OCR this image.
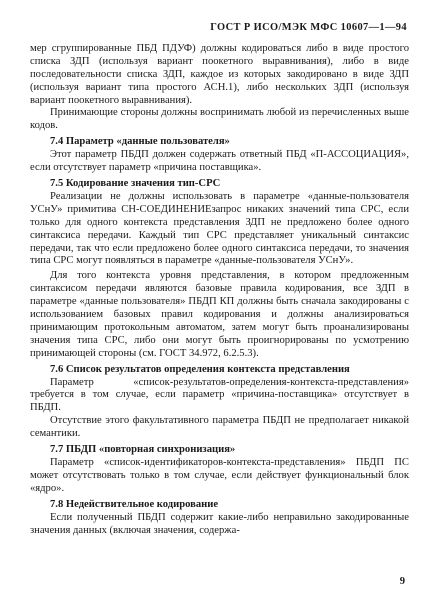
ГОСТ Р ИСО/МЭК МФС 10607—1—94

мер сгруппированные ПБД ПДУФ) должны кодироваться либо в виде простого списка ЗДП (используя вариант поокетного выравнивания), либо в виде последовательности списка ЗДП, каждое из которых закодировано в виде ЗДП (используя вариант типа простого АСН.1), либо нескольких ЗДП (используя вариант поокетного выравнивания).

Принимающие стороны должны воспринимать любой из перечисленных выше кодов.

7.4 Параметр «данные пользователя»

Этот параметр ПБДП должен содержать ответный ПБД «П-АССОЦИАЦИЯ», если отсутствует параметр «причина поставщика».

7.5 Кодирование значения тип-СРС

Реализации не должны использовать в параметре «данные-пользователя УСнУ» примитива СН-СОЕДИНЕНИЕзапрос никаких значений типа СРС, если только для одного контекста представления ЗДП не предложено более одного синтаксиса передачи. Каждый тип СРС представляет уникальный синтаксис передачи, так что если предложено более одного синтаксиса передачи, то значения типа СРС могут появляться в параметре «данные-пользователя УСнУ».

Для того контекста уровня представления, в котором предложенным синтаксисом передачи являются базовые правила кодирования, все ЗДП в параметре «данные пользователя» ПБДП КП должны быть сначала закодированы с использованием базовых правил кодирования и должны анализироваться принимающим протокольным автоматом, затем могут быть проанализированы значения типа СРС, либо они могут быть проигнорированы по усмотрению принимающей стороны (см. ГОСТ 34.972, 6.2.5.3).

7.6 Список результатов определения контекста представления

Параметр «список-результатов-определения-контекста-представления» требуется в том случае, если параметр «причина-поставщика» отсутствует в ПБДП.

Отсутствие этого факультативного параметра ПБДП не предполагает никакой семантики.

7.7 ПБДП «повторная синхронизация»

Параметр «список-идентификаторов-контекста-представления» ПБДП ПС может отсутствовать только в том случае, если действует функциональный блок «ядро».

7.8 Недействительное кодирование

Если полученный ПБДП содержит какие-либо неправильно закодированные значения данных (включая значения, содержа-

9
